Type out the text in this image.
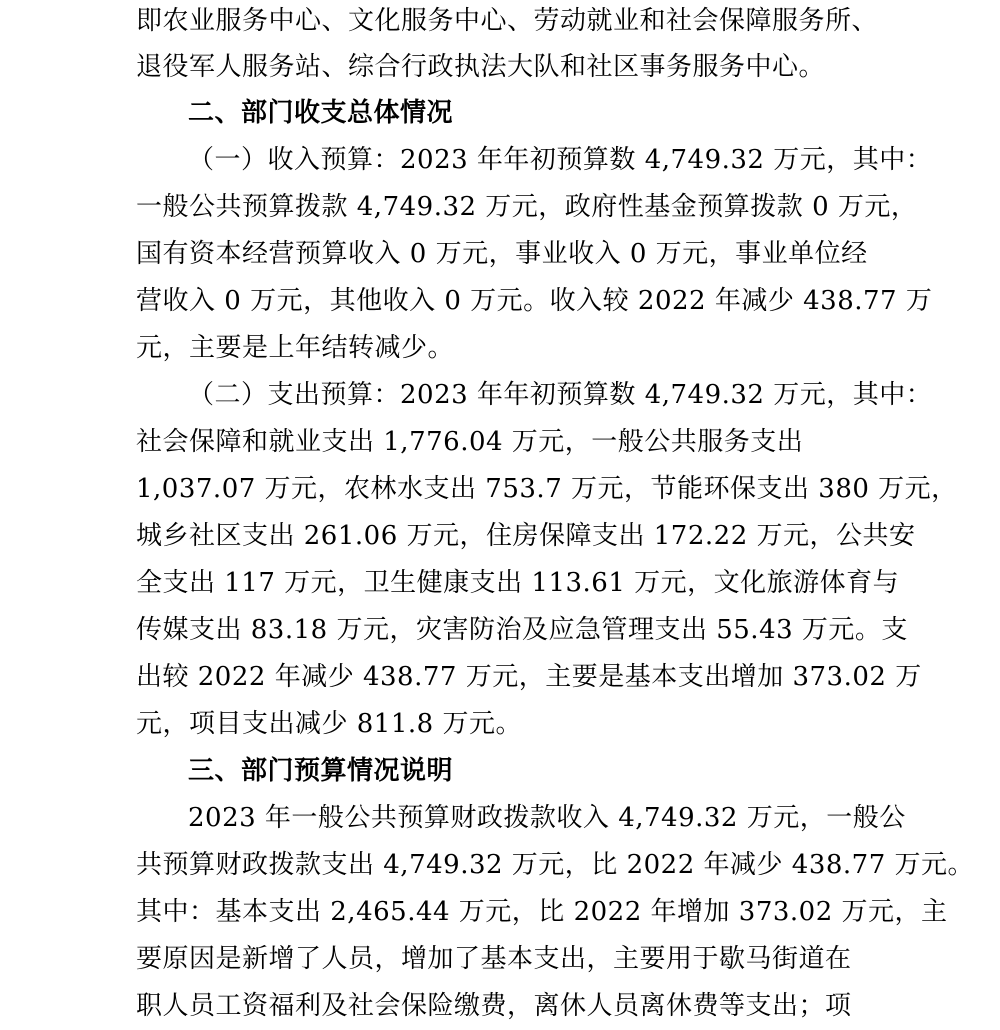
即农业服务中心、文化服务中心、劳动就业和社会保障服务所、
退役军人服务站、综合行政执法大队和社区事务服务中心。
二、部门收支总体情况
（一）收入预算：2023 年年初预算数 4,749.32 万元，其中：
一般公共预算拨款 4,749.32 万元，政府性基金预算拨款 0 万元，
国有资本经营预算收入 0 万元，事业收入 0 万元，事业单位经
营收入 0 万元，其他收入 0 万元。收入较 2022 年减少 438.77 万
元，主要是上年结转减少。
（二）支出预算：2023 年年初预算数 4,749.32 万元，其中：
社会保障和就业支出 1,776.04 万元，一般公共服务支出
1,037.07 万元，农林水支出 753.7 万元，节能环保支出 380 万元，
城乡社区支出 261.06 万元，住房保障支出 172.22 万元，公共安
全支出 117 万元，卫生健康支出 113.61 万元，文化旅游体育与
传媒支出 83.18 万元，灾害防治及应急管理支出 55.43 万元。支
出较 2022 年减少 438.77 万元，主要是基本支出增加 373.02 万
元，项目支出减少 811.8 万元。
三、部门预算情况说明
2023 年一般公共预算财政拨款收入 4,749.32 万元，一般公
共预算财政拨款支出 4,749.32 万元，比 2022 年减少 438.77 万元。
其中：基本支出 2,465.44 万元，比 2022 年增加 373.02 万元，主
要原因是新增了人员，增加了基本支出，主要用于歇马街道在
职人员工资福利及社会保险缴费，离休人员离休费等支出；项
